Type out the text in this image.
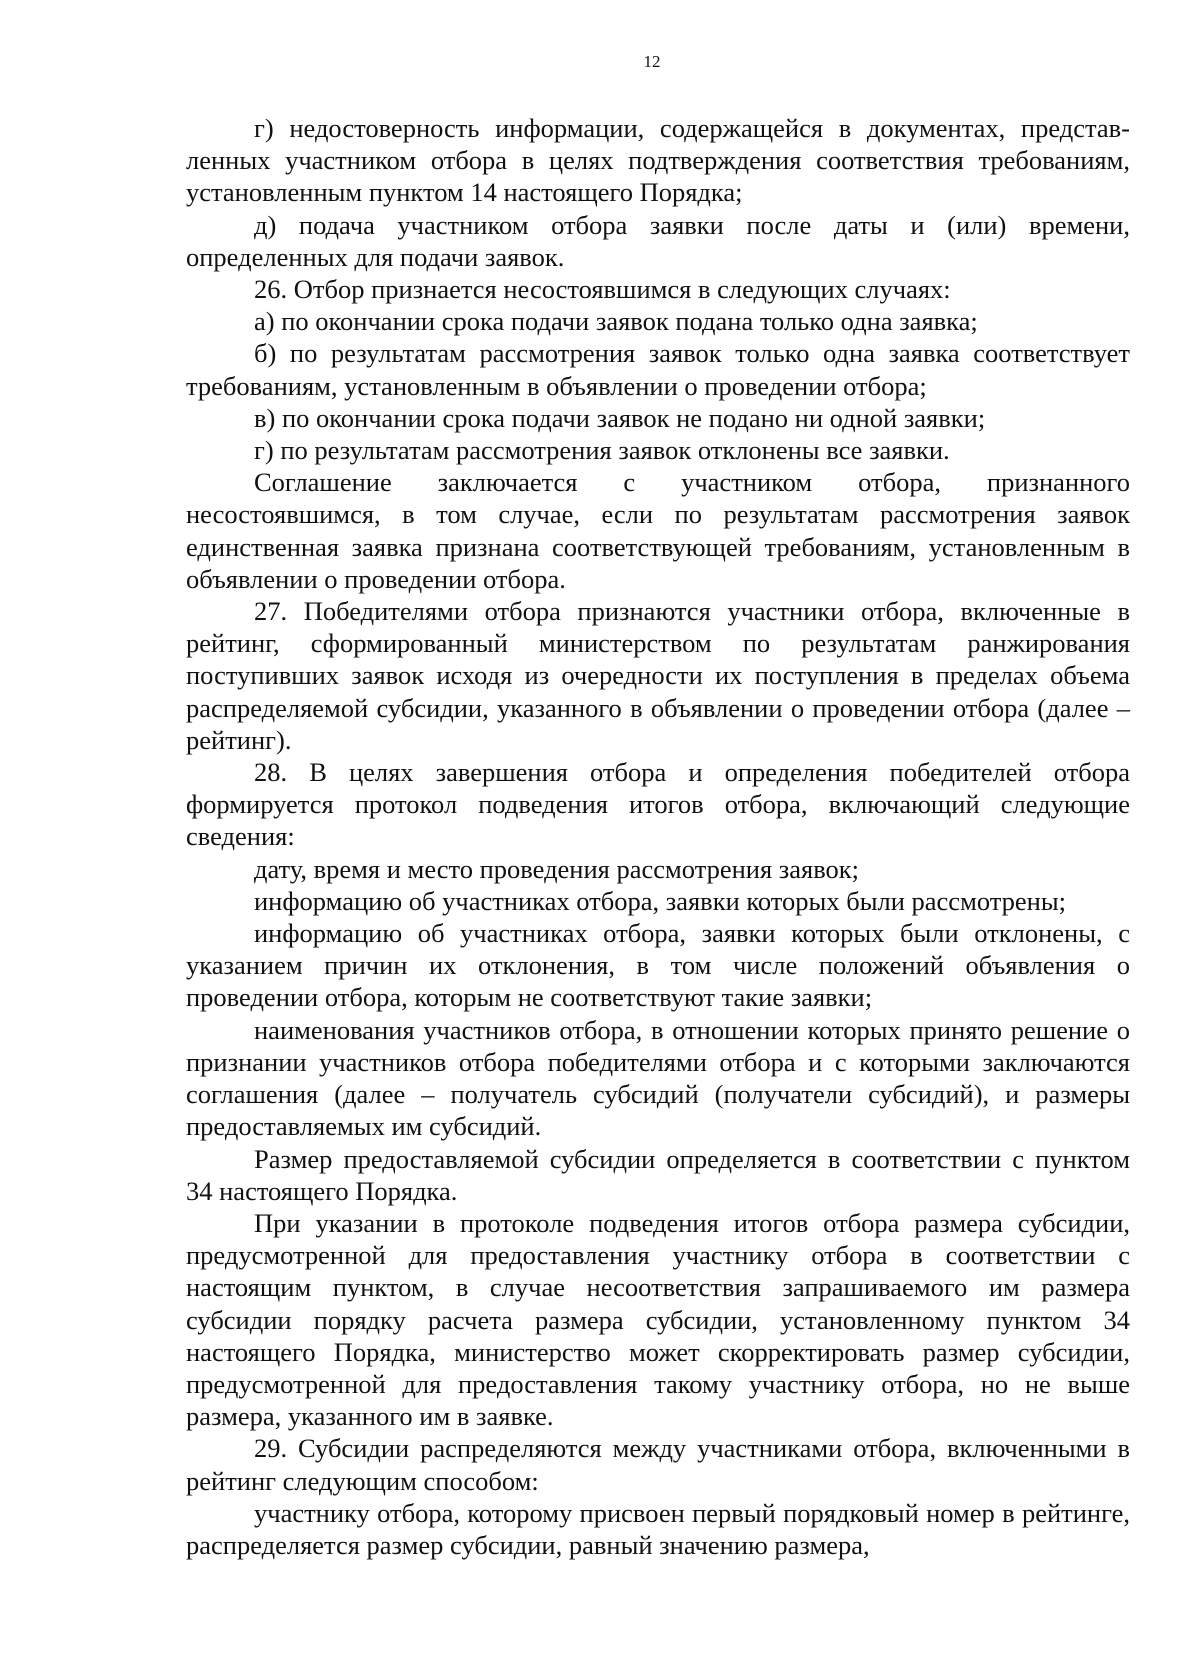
12

г) недостоверность информации, содержащейся в документах, представленных участником отбора в целях подтверждения соответствия требованиям, установленным пунктом 14 настоящего Порядка;

д) подача участником отбора заявки после даты и (или) времени, определенных для подачи заявок.

26. Отбор признается несостоявшимся в следующих случаях:

а) по окончании срока подачи заявок подана только одна заявка;

б) по результатам рассмотрения заявок только одна заявка соответствует требованиям, установленным в объявлении о проведении отбора;

в) по окончании срока подачи заявок не подано ни одной заявки;

г) по результатам рассмотрения заявок отклонены все заявки.

Соглашение заключается с участником отбора, признанного несостоявшимся, в том случае, если по результатам рассмотрения заявок единственная заявка признана соответствующей требованиям, установленным в объявлении о проведении отбора.

27. Победителями отбора признаются участники отбора, включенные в рейтинг, сформированный министерством по результатам ранжирования поступивших заявок исходя из очередности их поступления в пределах объема распределяемой субсидии, указанного в объявлении о проведении отбора (далее – рейтинг).

28. В целях завершения отбора и определения победителей отбора формируется протокол подведения итогов отбора, включающий следующие сведения:

дату, время и место проведения рассмотрения заявок;

информацию об участниках отбора, заявки которых были рассмотрены;

информацию об участниках отбора, заявки которых были отклонены, с указанием причин их отклонения, в том числе положений объявления о проведении отбора, которым не соответствуют такие заявки;

наименования участников отбора, в отношении которых принято решение о признании участников отбора победителями отбора и с которыми заключаются соглашения (далее – получатель субсидий (получатели субсидий), и размеры предоставляемых им субсидий.

Размер предоставляемой субсидии определяется в соответствии с пунктом 34 настоящего Порядка.

При указании в протоколе подведения итогов отбора размера субсидии, предусмотренной для предоставления участнику отбора в соответствии с настоящим пунктом, в случае несоответствия запрашиваемого им размера субсидии порядку расчета размера субсидии, установленному пунктом 34 настоящего Порядка, министерство может скорректировать размер субсидии, предусмотренной для предоставления такому участнику отбора, но не выше размера, указанного им в заявке.

29. Субсидии распределяются между участниками отбора, включенными в рейтинг следующим способом:

участнику отбора, которому присвоен первый порядковый номер в рейтинге, распределяется размер субсидии, равный значению размера,
